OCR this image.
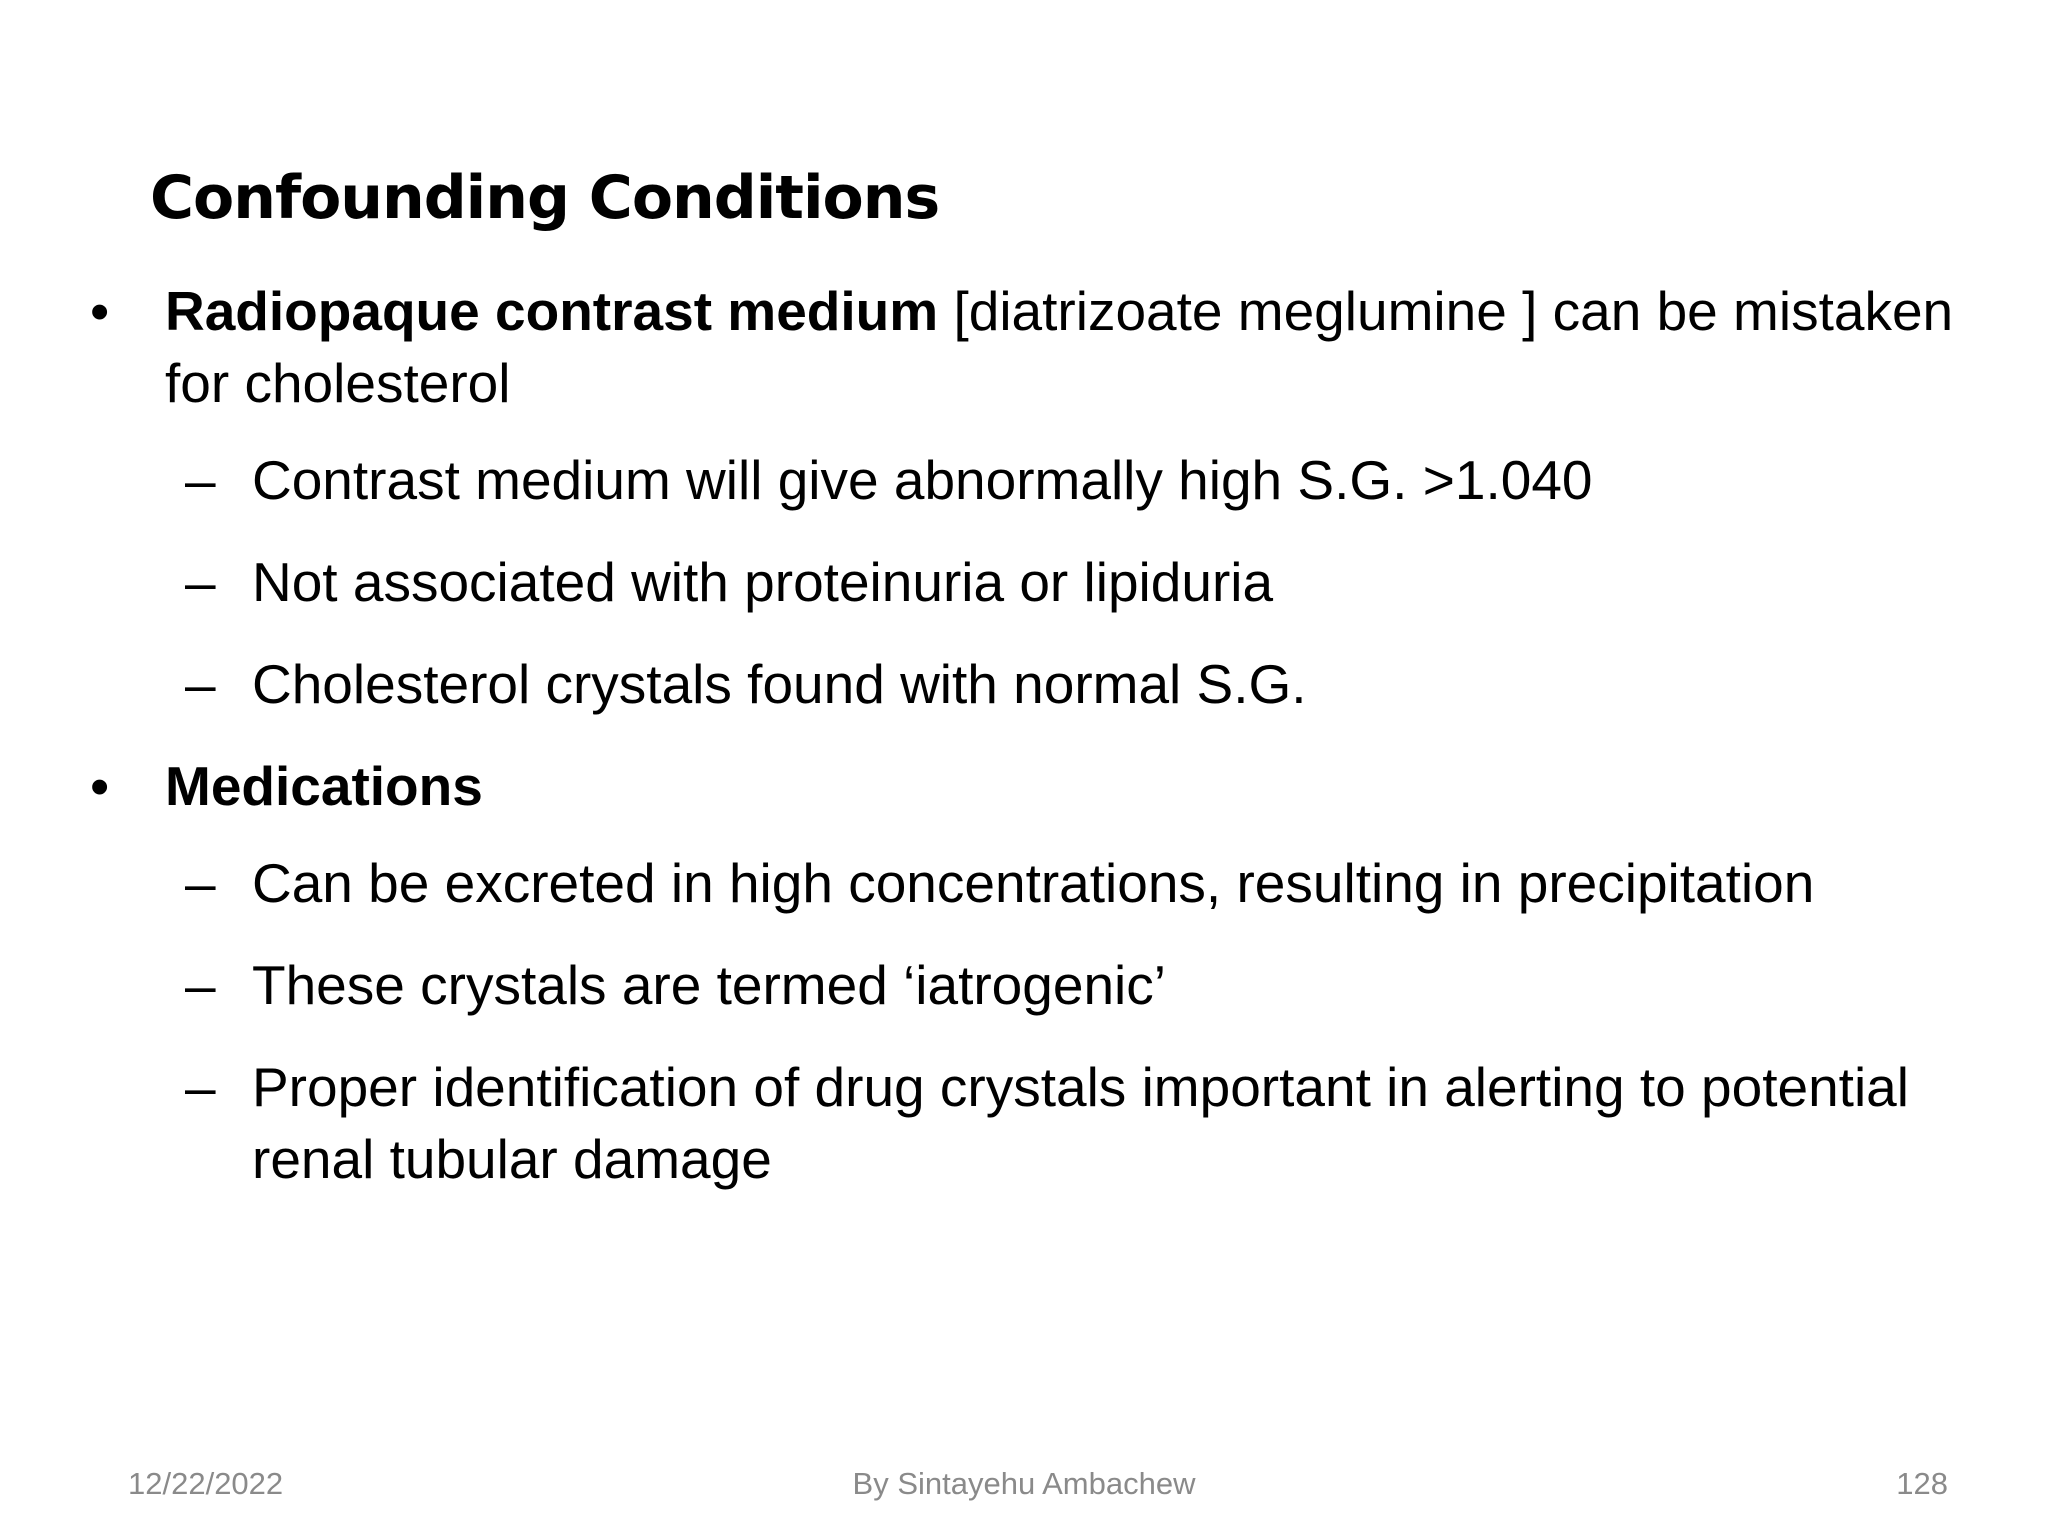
Confounding Conditions
•	Radiopaque contrast medium [diatrizoate meglumine ] can be mistaken for cholesterol
– Contrast medium will give abnormally high S.G. >1.040
– Not associated with proteinuria or lipiduria
– Cholesterol crystals found with normal S.G.
•	Medications
– Can be excreted in high concentrations, resulting in precipitation
– These crystals are termed ‘iatrogenic’
– Proper identification of drug crystals important in alerting to potential renal tubular damage
12/22/2022	By Sintayehu Ambachew	128
